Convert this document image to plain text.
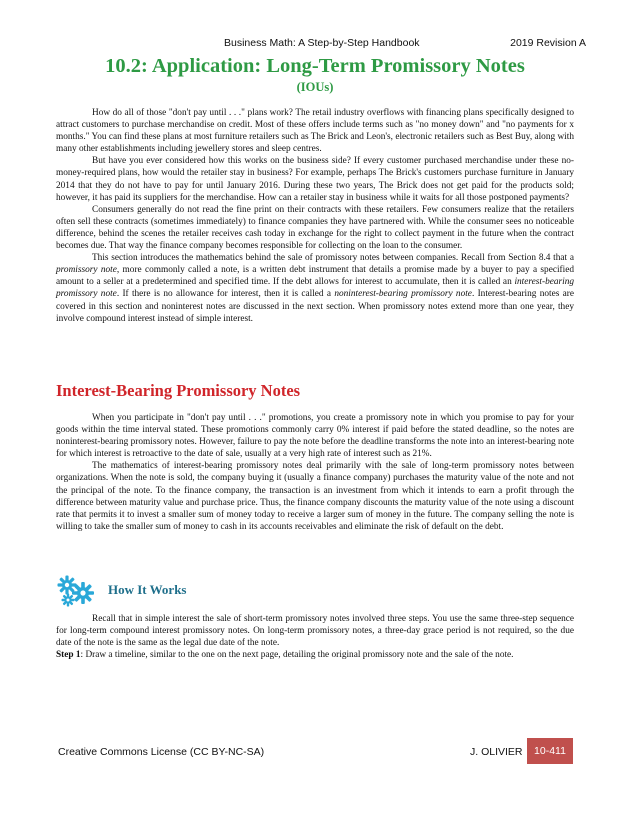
Business Math: A Step-by-Step Handbook	2019 Revision A
10.2: Application: Long-Term Promissory Notes
(IOUs)

How do all of those "don't pay until . . ." plans work? The retail industry overflows with financing plans specifically designed to attract customers to purchase merchandise on credit. Most of these offers include terms such as "no money down" and "no payments for x months." You can find these plans at most furniture retailers such as The Brick and Leon's, electronic retailers such as Best Buy, along with many other establishments including jewellery stores and sleep centres.

But have you ever considered how this works on the business side? If every customer purchased merchandise under these no-money-required plans, how would the retailer stay in business? For example, perhaps The Brick's customers purchase furniture in January 2014 that they do not have to pay for until January 2016. During these two years, The Brick does not get paid for the products sold; however, it has paid its suppliers for the merchandise. How can a retailer stay in business while it waits for all those postponed payments?

Consumers generally do not read the fine print on their contracts with these retailers. Few consumers realize that the retailers often sell these contracts (sometimes immediately) to finance companies they have partnered with. While the consumer sees no noticeable difference, behind the scenes the retailer receives cash today in exchange for the right to collect payment in the future when the contract becomes due. That way the finance company becomes responsible for collecting on the loan to the consumer.

This section introduces the mathematics behind the sale of promissory notes between companies. Recall from Section 8.4 that a promissory note, more commonly called a note, is a written debt instrument that details a promise made by a buyer to pay a specified amount to a seller at a predetermined and specified time. If the debt allows for interest to accumulate, then it is called an interest-bearing promissory note. If there is no allowance for interest, then it is called a noninterest-bearing promissory note. Interest-bearing notes are covered in this section and noninterest notes are discussed in the next section. When promissory notes extend more than one year, they involve compound interest instead of simple interest.

Interest-Bearing Promissory Notes

When you participate in "don't pay until . . ." promotions, you create a promissory note in which you promise to pay for your goods within the time interval stated. These promotions commonly carry 0% interest if paid before the stated deadline, so the notes are noninterest-bearing promissory notes. However, failure to pay the note before the deadline transforms the note into an interest-bearing note for which interest is retroactive to the date of sale, usually at a very high rate of interest such as 21%.

The mathematics of interest-bearing promissory notes deal primarily with the sale of long-term promissory notes between organizations. When the note is sold, the company buying it (usually a finance company) purchases the maturity value of the note and not the principal of the note. To the finance company, the transaction is an investment from which it intends to earn a profit through the difference between maturity value and purchase price. Thus, the finance company discounts the maturity value of the note using a discount rate that permits it to invest a smaller sum of money today to receive a larger sum of money in the future. The company selling the note is willing to take the smaller sum of money to cash in its accounts receivables and eliminate the risk of default on the debt.

How It Works

Recall that in simple interest the sale of short-term promissory notes involved three steps. You use the same three-step sequence for long-term compound interest promissory notes. On long-term promissory notes, a three-day grace period is not required, so the due date of the note is the same as the legal due date of the note.

Step 1: Draw a timeline, similar to the one on the next page, detailing the original promissory note and the sale of the note.

Creative Commons License (CC BY-NC-SA)	J. OLIVIER	10-411
